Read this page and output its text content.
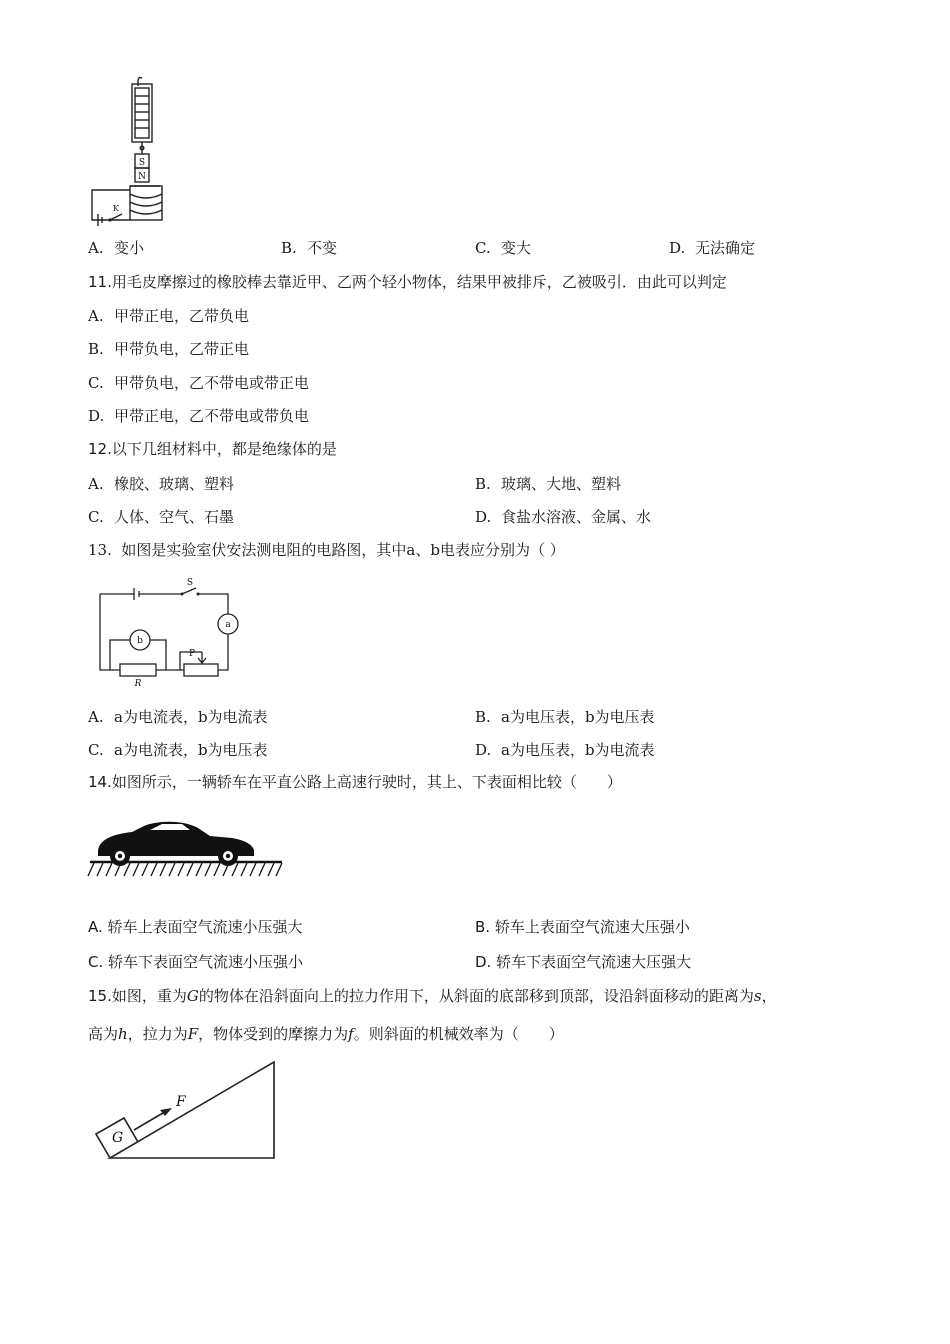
S
N
K
A. 变小	B. 不变	C. 变大	D. 无法确定
11.用毛皮摩擦过的橡胶棒去靠近甲、乙两个轻小物体，结果甲被排斥，乙被吸引．由此可以判定
A. 甲带正电，乙带负电
B. 甲带负电，乙带正电
C. 甲带负电，乙不带电或带正电
D. 甲带正电，乙不带电或带负电
12.以下几组材料中，都是绝缘体的是
A. 橡胶、玻璃、塑料	B. 玻璃、大地、塑料
C. 人体、空气、石墨	D. 食盐水溶液、金属、水
13. 如图是实验室伏安法测电阻的电路图，其中a、b电表应分别为（ ）
S
a
b
P
R
A. a为电流表，b为电流表	B. a为电压表，b为电压表
C. a为电流表，b为电压表	D. a为电压表，b为电流表
14.如图所示，一辆轿车在平直公路上高速行驶时，其上、下表面相比较（　　）
A. 轿车上表面空气流速小压强大	B. 轿车上表面空气流速大压强小
C. 轿车下表面空气流速小压强小	D. 轿车下表面空气流速大压强大
15.如图，重为G的物体在沿斜面向上的拉力作用下，从斜面的底部移到顶部，设沿斜面移动的距离为s，
高为h，拉力为F，物体受到的摩擦力为f。则斜面的机械效率为（　　）
F
G
